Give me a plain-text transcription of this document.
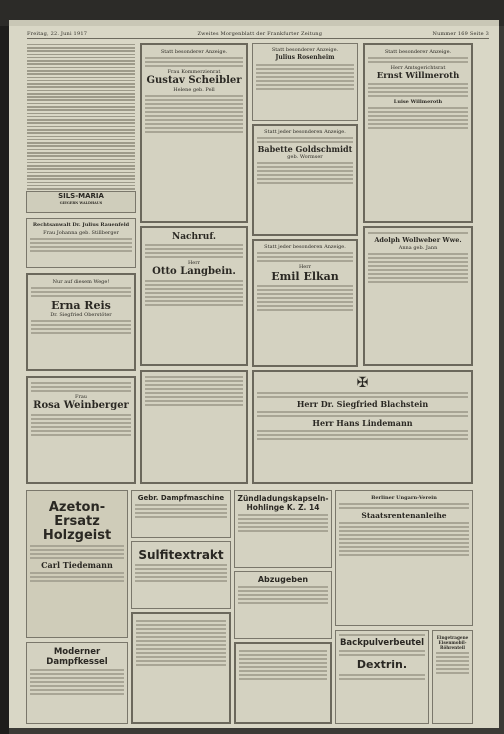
Freitag, 22. Juni 1917	Zweites Morgenblatt der Frankfurter Zeitung	Nummer 169 Seite 3
SILS-MARIA
GIEGERN WALDHAUS
Rechtsanwalt Dr. Julius Rauenfeld
Frau Johanna geb. Stillberger
Nur auf diesem Wege!
Erna Reis
Dr. Siegfried Oberstöter
Frau
Rosa Weinberger
Statt besonderer Anzeige.
Frau Kommerzienrat
Gustav Scheibler
Helene geb. Pell
Nachruf.
Herr
Otto Langbein.
Statt besonderer Anzeige.
Julius Rosenheim
Statt jeder besonderen Anzeige.
Babette Goldschmidt
geb. Wormser
Statt jeder besonderen Anzeige.
Herr
Emil Elkan
Statt besonderer Anzeige.
Herr Amtsgerichtsrat
Ernst Willmeroth
Luise Willmeroth
Adolph Wollweber Wwe.
Anna geb. Jann
✠
Herr Dr. Siegfried Blachstein
Herr Hans Lindemann
Azeton-Ersatz
Holzgeist
Carl Tiedemann
Moderner Dampfkessel
Gebr. Dampfmaschine
Sulfitextrakt
Zündladungskapseln-Hohlinge K. Z. 14
Abzugeben
Berliner Ungarn-Verein
Staatsrentenanleihe
Backpulverbeutel
Dextrin.
Eingetragene Eisenmobil-Röhrenteil
